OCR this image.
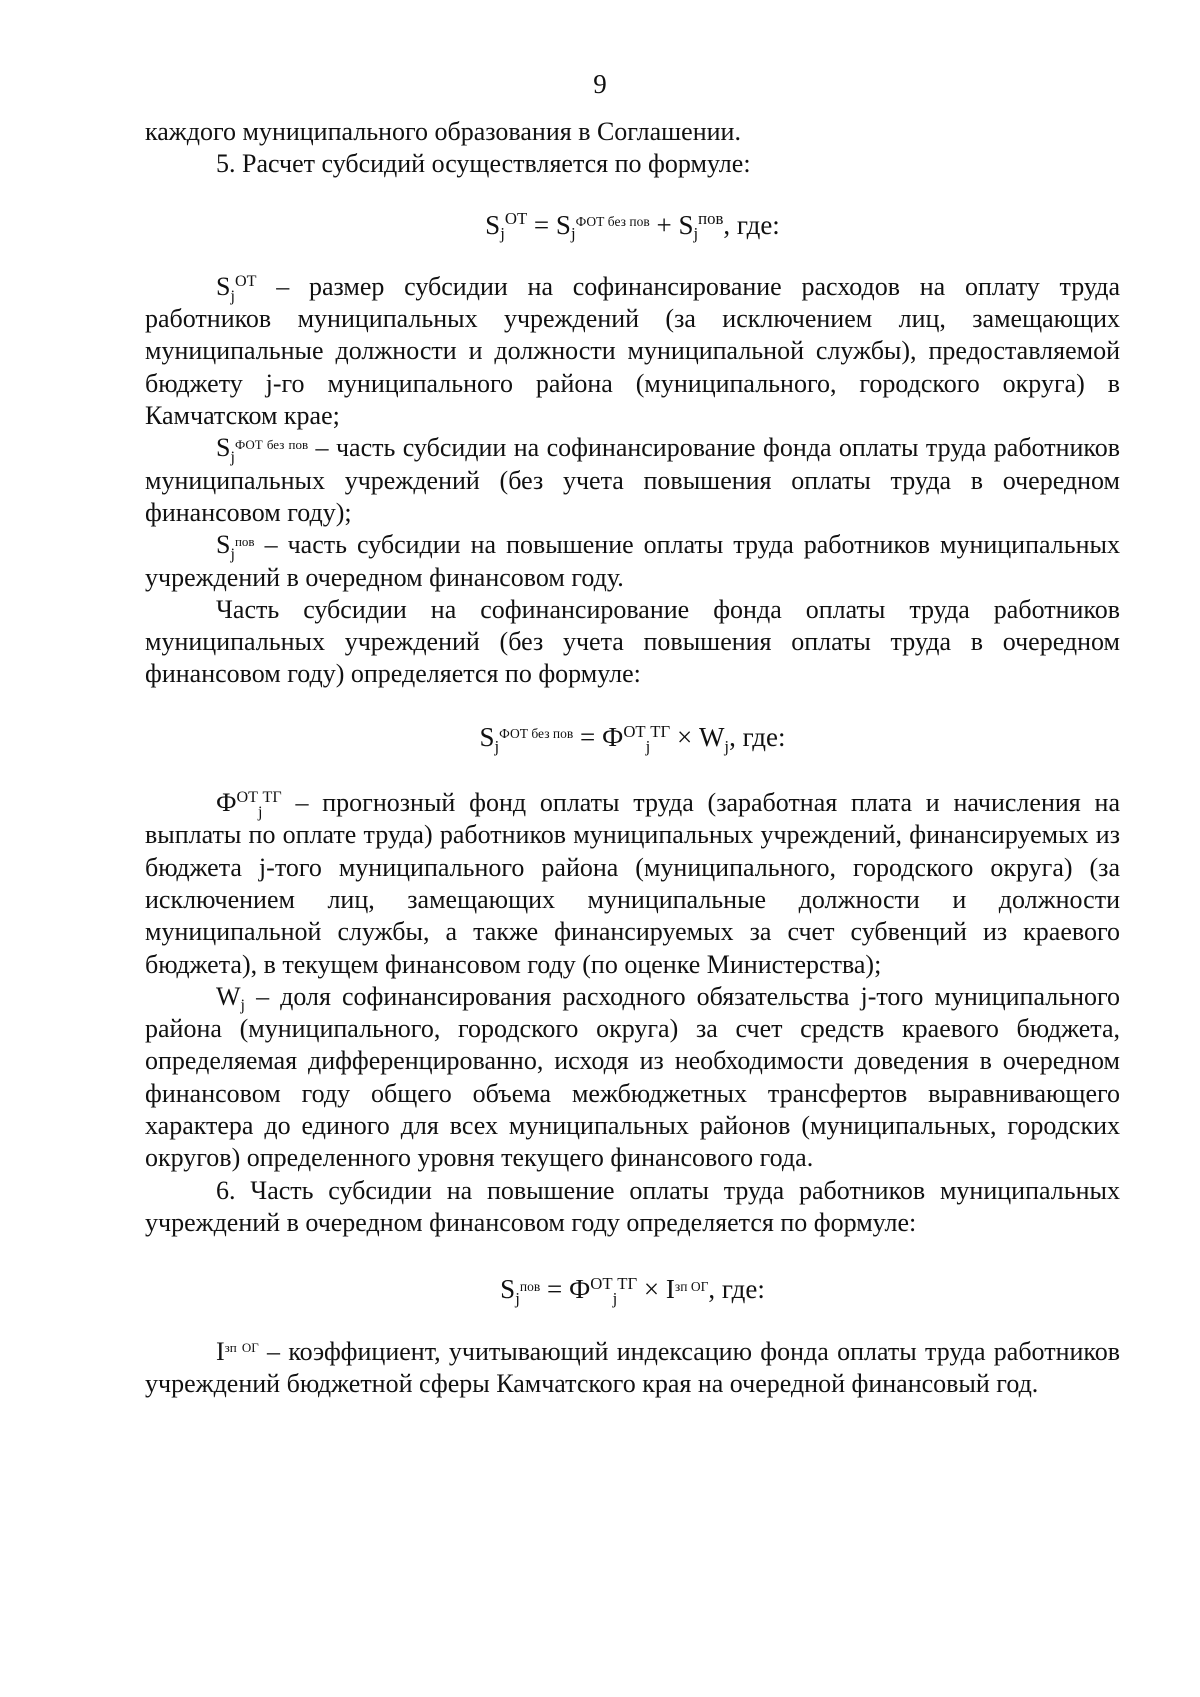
9

каждого муниципального образования в Соглашении.

5. Расчет субсидий осуществляется по формуле:

$S_j^{ОТ} = S_j^{ФОТ без пов} + S_j^{пов}$, где:

$S_j^{ОТ}$ – размер субсидии на софинансирование расходов на оплату труда работников муниципальных учреждений (за исключением лиц, замещающих муниципальные должности и должности муниципальной службы), предоставляемой бюджету j-го муниципального района (муниципального, городского округа) в Камчатском крае;

$S_j^{ФОТ без пов}$ – часть субсидии на софинансирование фонда оплаты труда работников муниципальных учреждений (без учета повышения оплаты труда в очередном финансовом году);

$S_j^{пов}$ – часть субсидии на повышение оплаты труда работников муниципальных учреждений в очередном финансовом году.

Часть субсидии на софинансирование фонда оплаты труда работников муниципальных учреждений (без учета повышения оплаты труда в очередном финансовом году) определяется по формуле:

$S_j^{ФОТ без пов} = Ф^{ОТ}_j^{ТГ} \times W_j$, где:

$Ф^{ОТ}_j^{ТГ}$ – прогнозный фонд оплаты труда (заработная плата и начисления на выплаты по оплате труда) работников муниципальных учреждений, финансируемых из бюджета j-того муниципального района (муниципального, городского округа) (за исключением лиц, замещающих муниципальные должности и должности муниципальной службы, а также финансируемых за счет субвенций из краевого бюджета), в текущем финансовом году (по оценке Министерства);

$W_j$ – доля софинансирования расходного обязательства j-того муниципального района (муниципального, городского округа) за счет средств краевого бюджета, определяемая дифференцированно, исходя из необходимости доведения в очередном финансовом году общего объема межбюджетных трансфертов выравнивающего характера до единого для всех муниципальных районов (муниципальных, городских округов) определенного уровня текущего финансового года.

6. Часть субсидии на повышение оплаты труда работников муниципальных учреждений в очередном финансовом году определяется по формуле:

$S_j^{пов} = Ф^{ОТ}_j^{ТГ} \times I^{зп ОГ}$, где:

$I^{зп ОГ}$ – коэффициент, учитывающий индексацию фонда оплаты труда работников учреждений бюджетной сферы Камчатского края на очередной финансовый год.
